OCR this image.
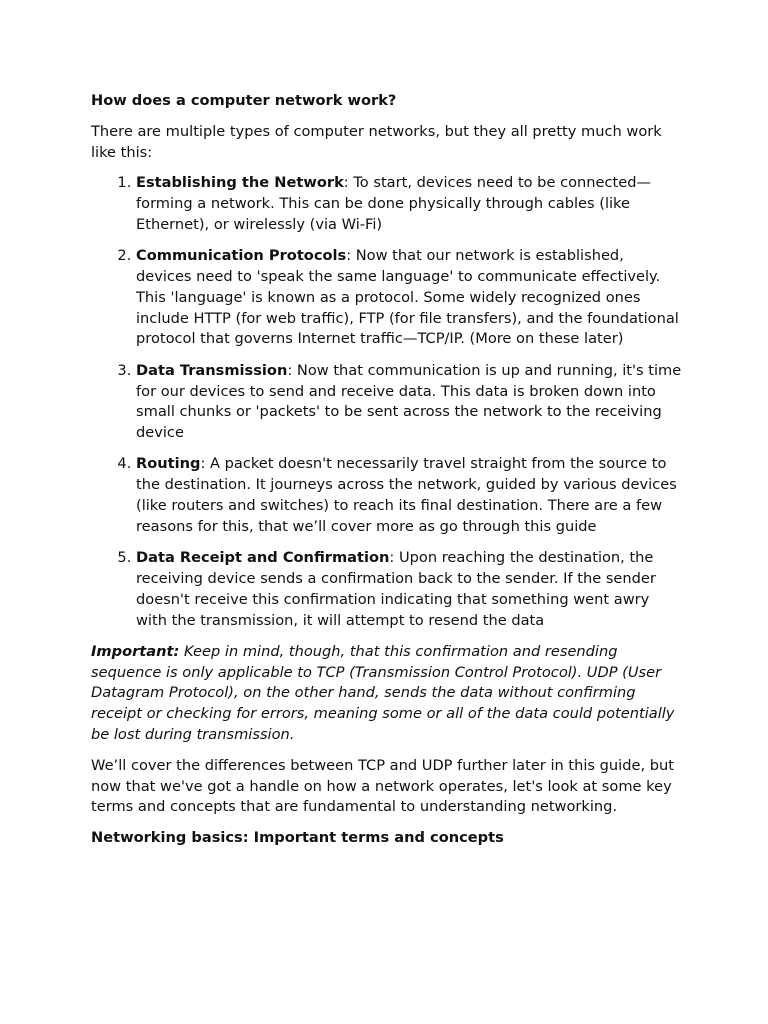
How does a computer network work?

There are multiple types of computer networks, but they all pretty much work like this:

1. Establishing the Network: To start, devices need to be connected—forming a network. This can be done physically through cables (like Ethernet), or wirelessly (via Wi-Fi)
2. Communication Protocols: Now that our network is established, devices need to 'speak the same language' to communicate effectively. This 'language' is known as a protocol. Some widely recognized ones include HTTP (for web traffic), FTP (for file transfers), and the foundational protocol that governs Internet traffic—TCP/IP. (More on these later)
3. Data Transmission: Now that communication is up and running, it's time for our devices to send and receive data. This data is broken down into small chunks or 'packets' to be sent across the network to the receiving device
4. Routing: A packet doesn't necessarily travel straight from the source to the destination. It journeys across the network, guided by various devices (like routers and switches) to reach its final destination. There are a few reasons for this, that we’ll cover more as go through this guide
5. Data Receipt and Confirmation: Upon reaching the destination, the receiving device sends a confirmation back to the sender. If the sender doesn't receive this confirmation indicating that something went awry with the transmission, it will attempt to resend the data

Important: Keep in mind, though, that this confirmation and resending sequence is only applicable to TCP (Transmission Control Protocol). UDP (User Datagram Protocol), on the other hand, sends the data without confirming receipt or checking for errors, meaning some or all of the data could potentially be lost during transmission.

We’ll cover the differences between TCP and UDP further later in this guide, but now that we've got a handle on how a network operates, let's look at some key terms and concepts that are fundamental to understanding networking.

Networking basics: Important terms and concepts
